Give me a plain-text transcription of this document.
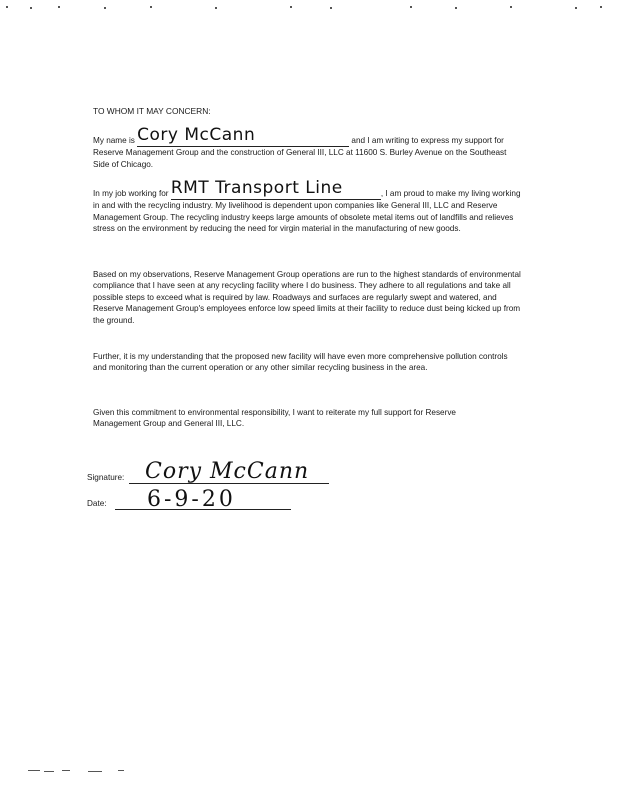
TO WHOM IT MAY CONCERN:

My name is Cory McCann	and I am writing to express my support for Reserve Management Group and the construction of General III, LLC at 11600 S. Burley Avenue on the Southeast Side of Chicago.

In my job working for RMT Transport Line	, I am proud to make my living working in and with the recycling industry. My livelihood is dependent upon companies like General III, LLC and Reserve Management Group. The recycling industry keeps large amounts of obsolete metal items out of landfills and relieves stress on the environment by reducing the need for virgin material in the manufacturing of new goods.

Based on my observations, Reserve Management Group operations are run to the highest standards of environmental compliance that I have seen at any recycling facility where I do business. They adhere to all regulations and take all possible steps to exceed what is required by law. Roadways and surfaces are regularly swept and watered, and Reserve Management Group's employees enforce low speed limits at their facility to reduce dust being kicked up from the ground.

Further, it is my understanding that the proposed new facility will have even more comprehensive pollution controls and monitoring than the current operation or any other similar recycling business in the area.

Given this commitment to environmental responsibility, I want to reiterate my full support for Reserve Management Group and General III, LLC.

Signature: Cory McCann
Date: 6-9-20
